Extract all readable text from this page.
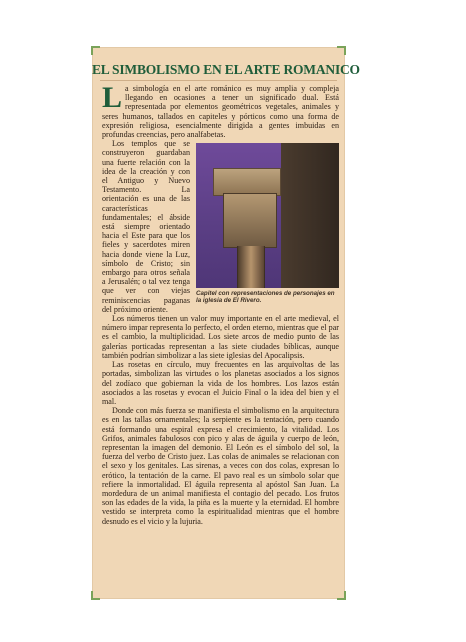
EL SIMBOLISMO EN EL ARTE ROMANICO

La simbología en el arte románico es muy amplia y compleja llegando en ocasiones a tener un significado dual. Está representada por elementos geométricos vegetales, animales y seres humanos, tallados en capiteles y pórticos como una forma de expresión religiosa, esencialmente dirigida a gentes imbuidas en profundas creencias, pero analfabetas.

Capitel con representaciones de personajes en la iglesia de El Rivero.

Los templos que se construyeron guardaban una fuerte relación con la idea de la creación y con el Antiguo y Nuevo Testamento. La orientación es una de las características fundamentales; el ábside está siempre orientado hacia el Este para que los fieles y sacerdotes miren hacia donde viene la Luz, símbolo de Cristo; sin embargo para otros señala a Jerusalén; o tal vez tenga que ver con viejas reminiscencias paganas del próximo oriente.

Los números tienen un valor muy importante en el arte medieval, el número impar representa lo perfecto, el orden eterno, mientras que el par es el cambio, la multiplicidad. Los siete arcos de medio punto de las galerías porticadas representan a las siete ciudades bíblicas, aunque también podrían simbolizar a las siete iglesias del Apocalipsis.

Las rosetas en círculo, muy frecuentes en las arquivoltas de las portadas, simbolizan las virtudes o los planetas asociados a los signos del zodíaco que gobiernan la vida de los hombres. Los lazos están asociados a las rosetas y evocan el Juicio Final o la idea del bien y el mal.

Donde con más fuerza se manifiesta el simbolismo en la arquitectura es en las tallas ornamentales; la serpiente es la tentación, pero cuando está formando una espiral expresa el crecimiento, la vitalidad. Los Grifos, animales fabulosos con pico y alas de águila y cuerpo de león, representan la imagen del demonio. El León es el símbolo del sol, la fuerza del verbo de Cristo juez. Las colas de animales se relacionan con el sexo y los genitales. Las sirenas, a veces con dos colas, expresan lo erótico, la tentación de la carne. El pavo real es un símbolo solar que refiere la inmortalidad. El águila representa al apóstol San Juan. La mordedura de un animal manifiesta el contagio del pecado. Los frutos son las edades de la vida, la piña es la muerte y la eternidad. El hombre vestido se interpreta como la espiritualidad mientras que el hombre desnudo es el vicio y la lujuria.
